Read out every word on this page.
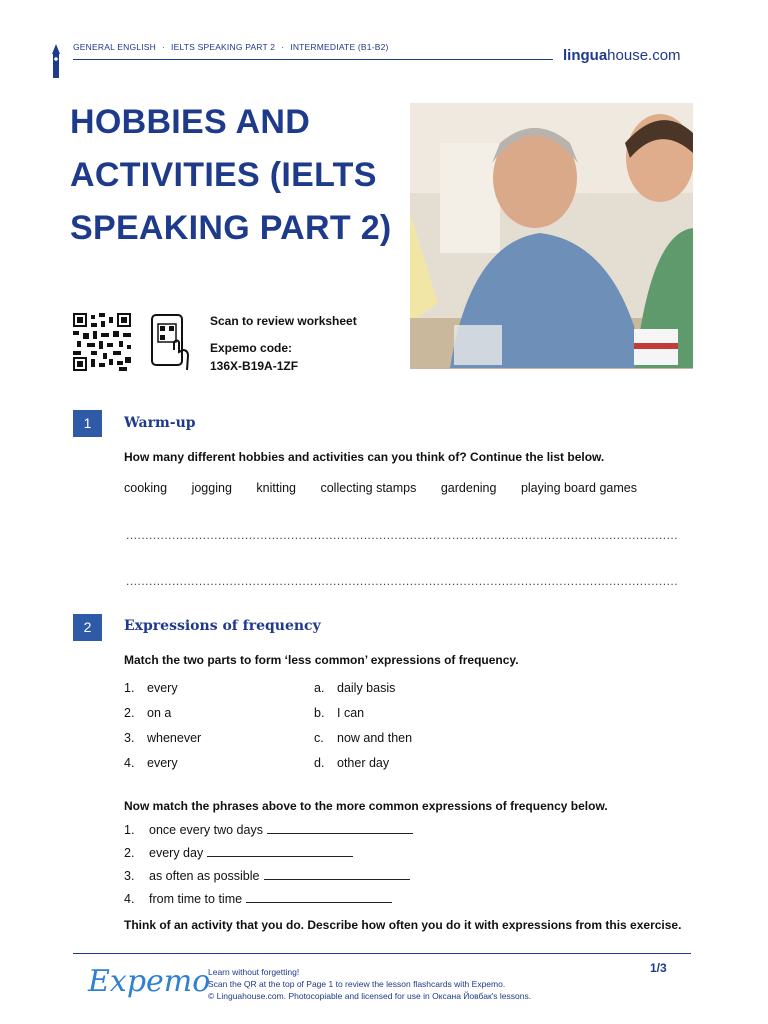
GENERAL ENGLISH · IELTS SPEAKING PART 2 · INTERMEDIATE (B1-B2)	linguahouse.com
HOBBIES AND ACTIVITIES (IELTS SPEAKING PART 2)
Scan to review worksheet
Expemo code:
136X-B19A-1ZF
1	Warm-up
How many different hobbies and activities can you think of? Continue the list below.
cooking jogging knitting collecting stamps gardening playing board games
................................................................................................................................................
................................................................................................................................................
2	Expressions of frequency
Match the two parts to form ‘less common’ expressions of frequency.
1. every
2. on a
3. whenever
4. every
a. daily basis
b. I can
c. now and then
d. other day
Now match the phrases above to the more common expressions of frequency below.
1. once every two days
2. every day
3. as often as possible
4. from time to time
Think of an activity that you do. Describe how often you do it with expressions from this exercise.
Expemo
Learn without forgetting!
Scan the QR at the top of Page 1 to review the lesson flashcards with Expemo.
© Linguahouse.com. Photocopiable and licensed for use in Оксана Йовбак's lessons.
1/3
